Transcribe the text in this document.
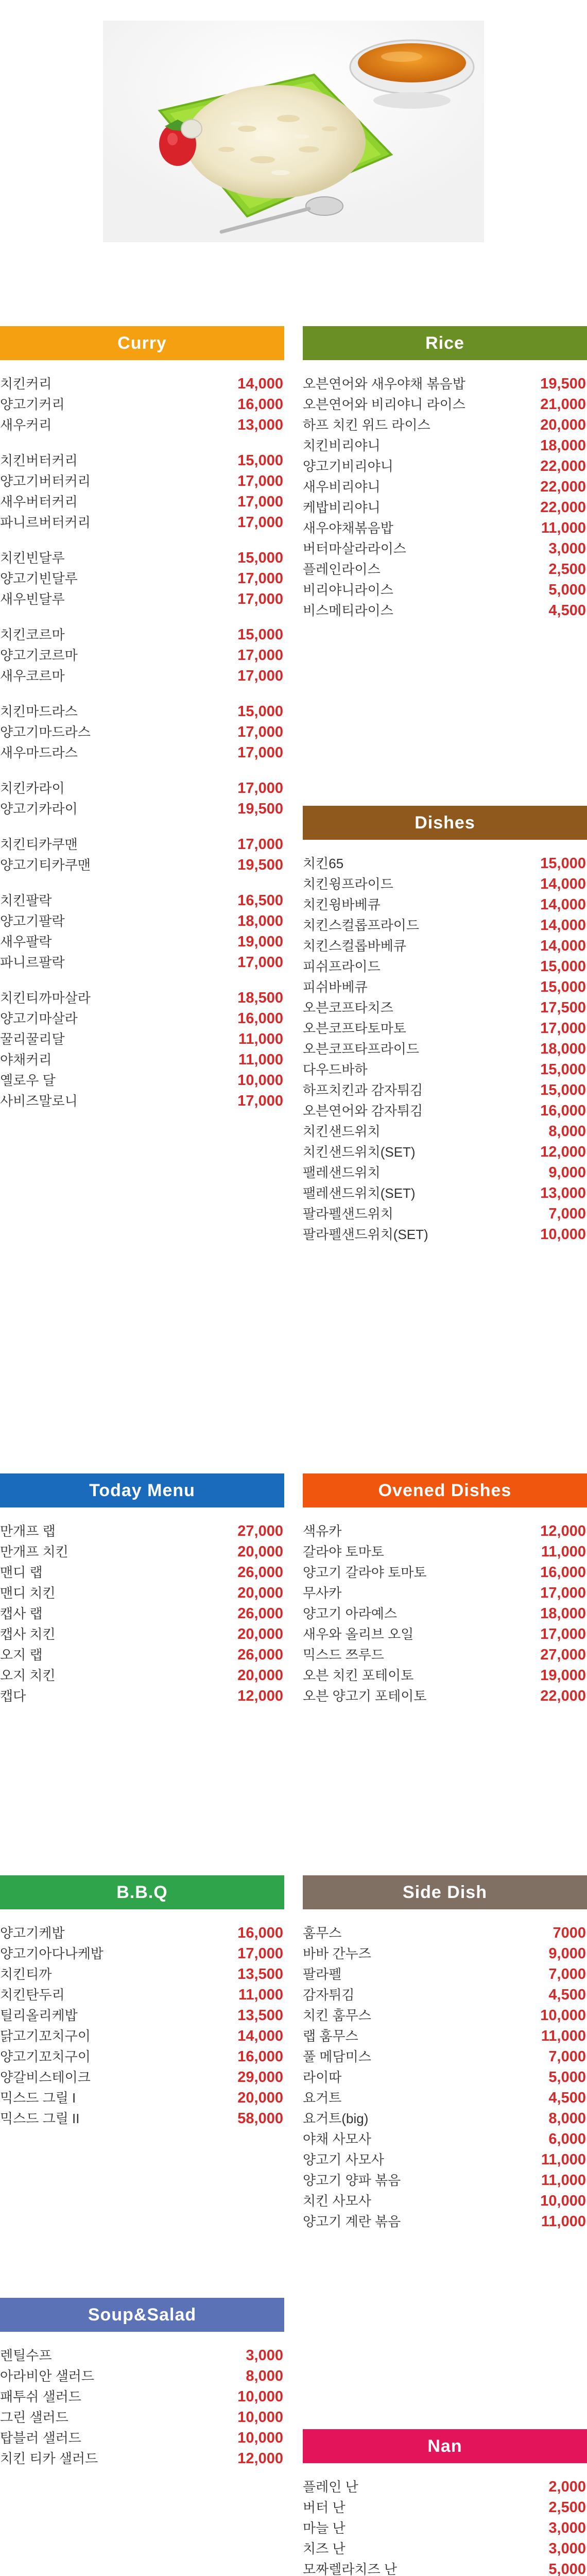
Curry
치킨커리	14,000
양고기커리	16,000
새우커리	13,000
치킨버터커리	15,000
양고기버터커리	17,000
새우버터커리	17,000
파니르버터커리	17,000
치킨빈달루	15,000
양고기빈달루	17,000
새우빈달루	17,000
치킨코르마	15,000
양고기코르마	17,000
새우코르마	17,000
치킨마드라스	15,000
양고기마드라스	17,000
새우마드라스	17,000
치킨카라이	17,000
양고기카라이	19,500
치킨티카쿠맨	17,000
양고기티카쿠맨	19,500
치킨팔락	16,500
양고기팔락	18,000
새우팔락	19,000
파니르팔락	17,000
치킨티까마살라	18,500
양고기마살라	16,000
꿀리꿀리달	11,000
야채커리	11,000
옐로우 달	10,000
사비즈말로니	17,000
Rice
오븐연어와 새우야채 볶음밥	19,500
오븐연어와 비리야니 라이스	21,000
하프 치킨 위드 라이스	20,000
치킨비리야니	18,000
양고기비리야니	22,000
새우비리야니	22,000
케밥비리야니	22,000
새우야채볶음밥	11,000
버터마살라라이스	3,000
플레인라이스	2,500
비리야니라이스	5,000
비스메티라이스	4,500
Dishes
치킨65	15,000
치킨윙프라이드	14,000
치킨윙바베큐	14,000
치킨스컬롭프라이드	14,000
치킨스컬롭바베큐	14,000
피쉬프라이드	15,000
피쉬바베큐	15,000
오븐코프타치즈	17,500
오븐코프타토마토	17,000
오븐코프타프라이드	18,000
다우드바하	15,000
하프치킨과 감자튀김	15,000
오븐연어와 감자튀김	16,000
치킨샌드위치	8,000
치킨샌드위치(SET)	12,000
팰레샌드위치	9,000
팰레샌드위치(SET)	13,000
팔라펠샌드위치	7,000
팔라펠샌드위치(SET)	10,000
Today Menu
만개프 랩	27,000
만개프 치킨	20,000
맨디 랩	26,000
맨디 치킨	20,000
캡사 랩	26,000
캡사 치킨	20,000
오지 랩	26,000
오지 치킨	20,000
캡다	12,000
Ovened Dishes
색유카	12,000
갈라야 토마토	11,000
양고기 갈라야 토마토	16,000
무사카	17,000
양고기 아라예스	18,000
새우와 올리브 오일	17,000
믹스드 쯔루드	27,000
오븐 치킨 포테이토	19,000
오븐 양고기 포테이토	22,000
B.B.Q
양고기케밥	16,000
양고기아다나케밥	17,000
치킨티까	13,500
치킨탄두리	11,000
틸리올리케밥	13,500
닭고기꼬치구이	14,000
양고기꼬치구이	16,000
양갈비스테이크	29,000
믹스드 그릴 I	20,000
믹스드 그릴 II	58,000
Side Dish
훔무스	7000
바바 간누즈	9,000
팔라펠	7,000
감자튀김	4,500
치킨 훔무스	10,000
랩 훔무스	11,000
풀 메담미스	7,000
라이따	5,000
요거트	4,500
요거트(big)	8,000
야채 사모사	6,000
양고기 사모사	11,000
양고기 양파 볶음	11,000
치킨 사모사	10,000
양고기 계란 볶음	11,000
Soup&Salad
렌틸수프	3,000
아라비안 샐러드	8,000
패투쉬 샐러드	10,000
그린 샐러드	10,000
탑블러 샐러드	10,000
치킨 티카 샐러드	12,000
Nan
플레인 난	2,000
버터 난	2,500
마늘 난	3,000
치즈 난	3,000
모짜렐라치즈 난	5,000
